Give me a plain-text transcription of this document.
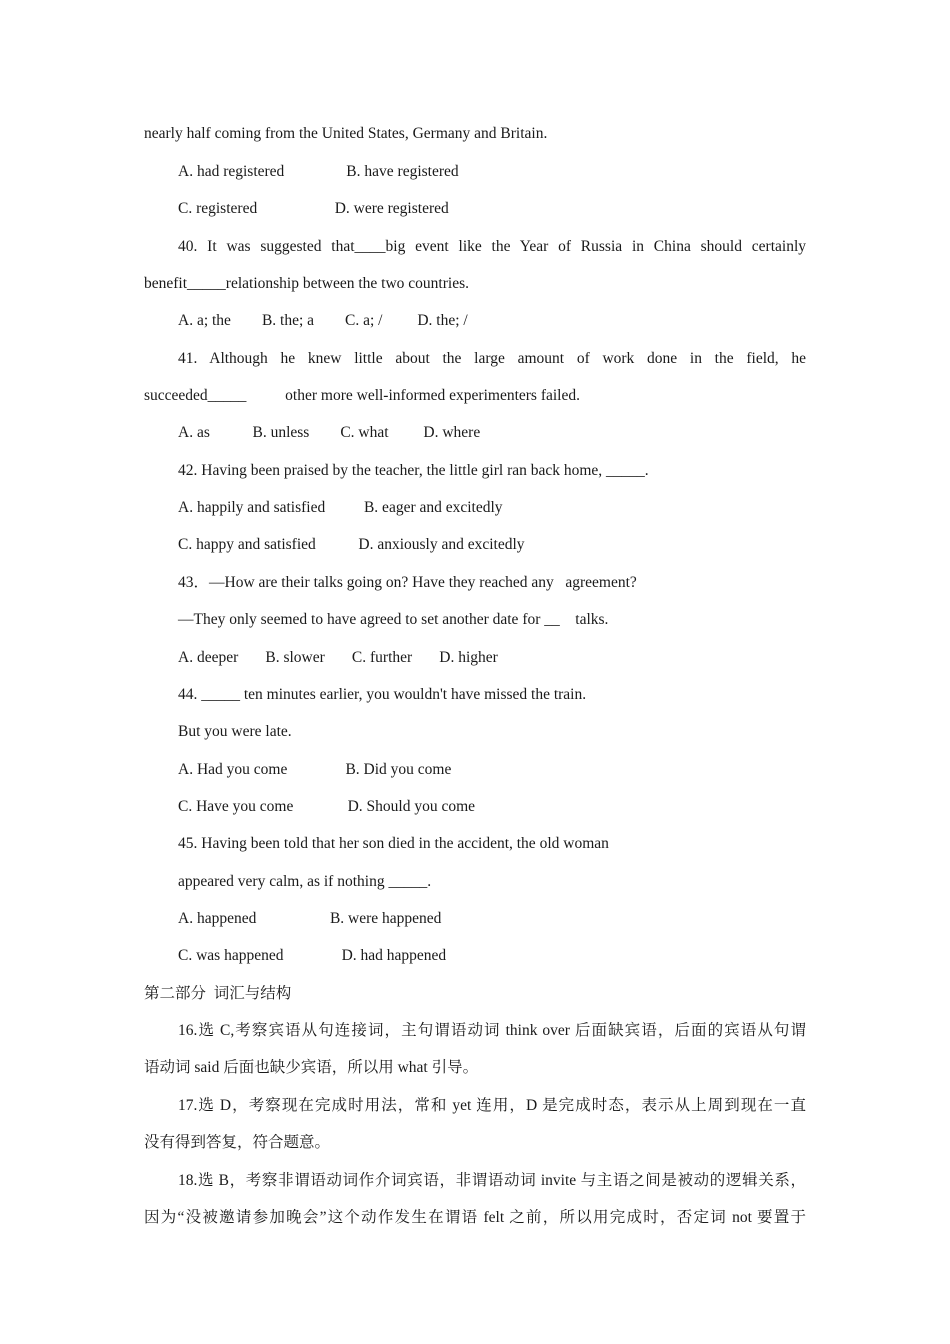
nearly half coming from the United States, Germany and Britain.
A. had registered                B. have registered
C. registered                    D. were registered
40. It was suggested that____big event like the Year of Russia in China should certainly
benefit_____relationship between the two countries.
A. a; the        B. the; a        C. a; /         D. the; /
41. Although he knew little about the large amount of work done in the field, he
succeeded_____          other more well-informed experimenters failed.
A. as           B. unless        C. what         D. where
42. Having been praised by the teacher, the little girl ran back home, _____.
A. happily and satisfied          B. eager and excitedly
C. happy and satisfied           D. anxiously and excitedly
43．—How are their talks going on? Have they reached any   agreement?
—They only seemed to have agreed to set another date for __    talks.
A. deeper       B. slower       C. further       D. higher
44. _____ ten minutes earlier, you wouldn't have missed the train.
But you were late.
A. Had you come               B. Did you come
C. Have you come              D. Should you come
45. Having been told that her son died in the accident, the old woman
appeared very calm, as if nothing _____.
A. happened                   B. were happened
C. was happened               D. had happened
第二部分  词汇与结构
16.选 C,考察宾语从句连接词，主句谓语动词 think over 后面缺宾语，后面的宾语从句谓
语动词 said 后面也缺少宾语，所以用 what 引导。
17.选 D，考察现在完成时用法，常和 yet 连用，D 是完成时态，表示从上周到现在一直
没有得到答复，符合题意。
18.选 B，考察非谓语动词作介词宾语，非谓语动词 invite 与主语之间是被动的逻辑关系，
因为“没被邀请参加晚会”这个动作发生在谓语 felt 之前，所以用完成时，否定词 not 要置于
